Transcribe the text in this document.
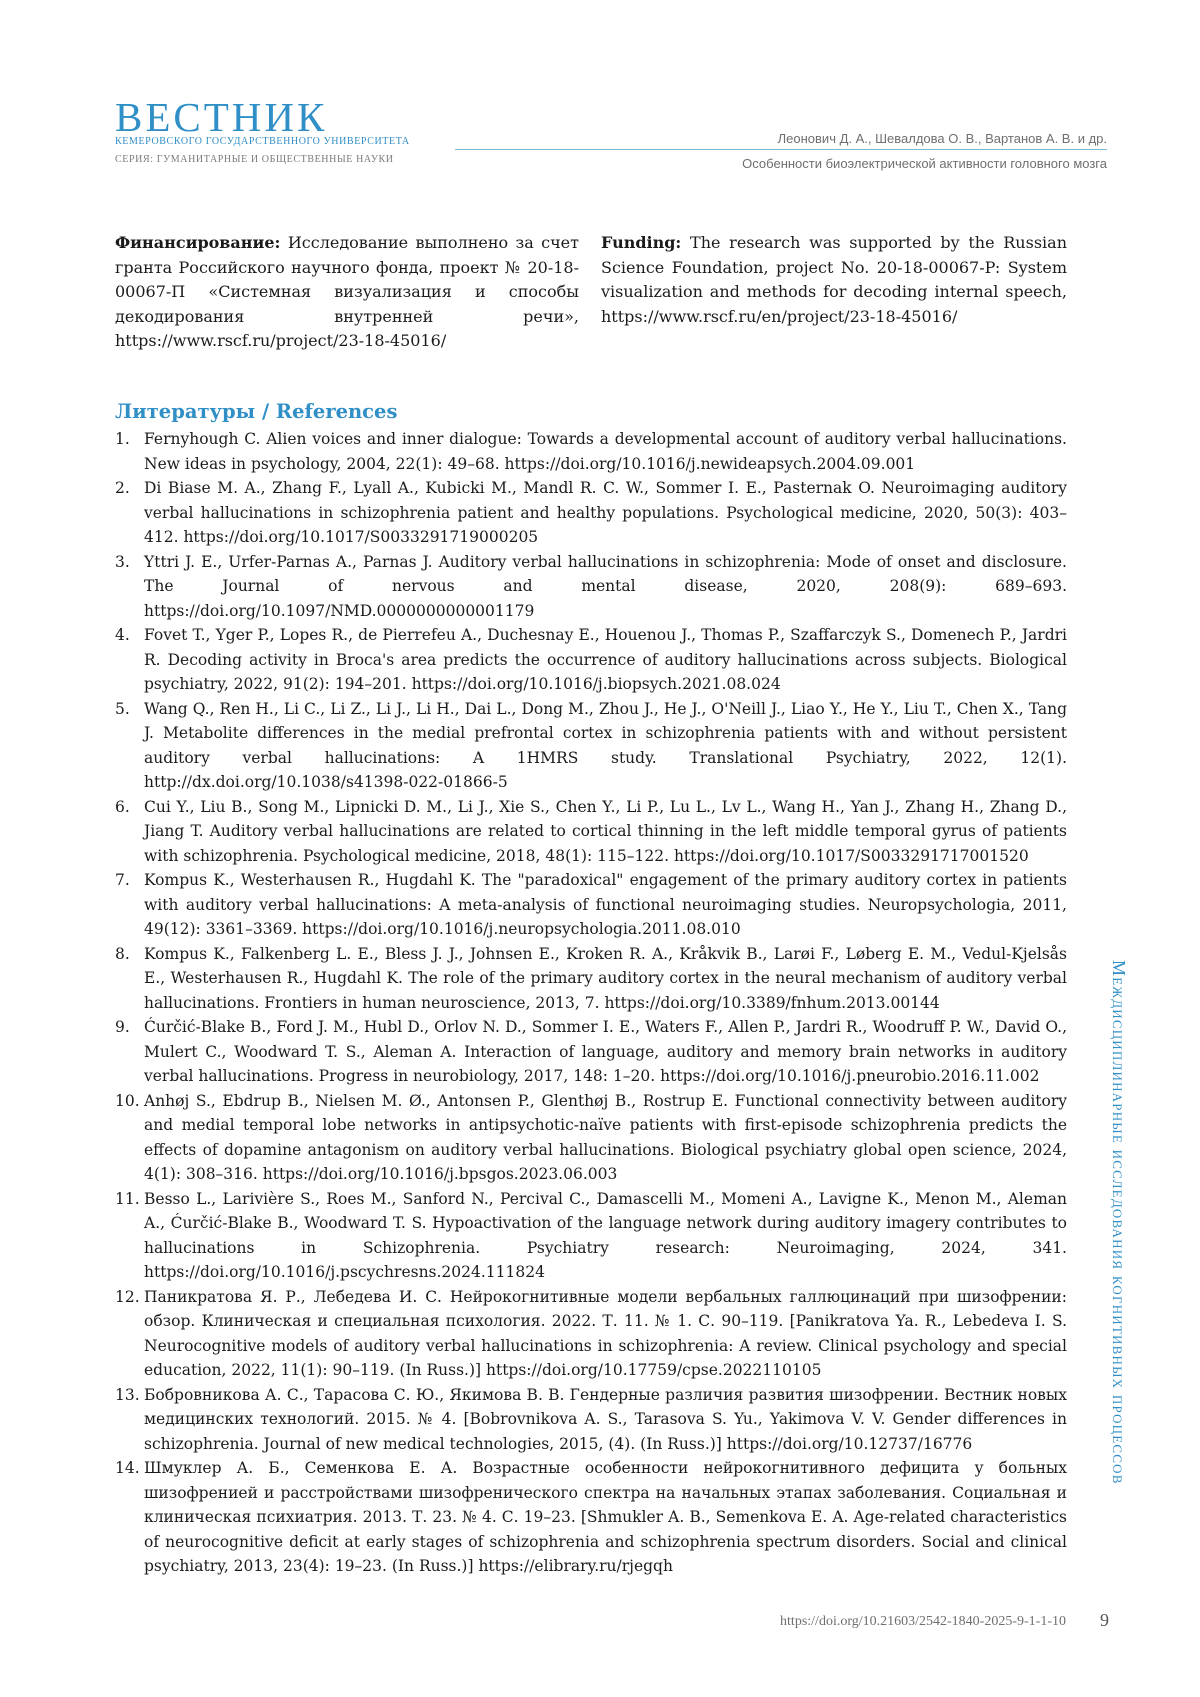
ВЕСТНИК
КЕМЕРОВСКОГО ГОСУДАРСТВЕННОГО УНИВЕРСИТЕТА
СЕРИЯ: ГУМАНИТАРНЫЕ И ОБЩЕСТВЕННЫЕ НАУКИ
Леонович Д. А., Шевалдова О. В., Вартанов А. В. и др.
Особенности биоэлектрической активности головного мозга
Финансирование: Исследование выполнено за счет гранта Российского научного фонда, проект № 20-18-00067-П «Системная визуализация и способы декодирования внутренней речи», https://www.rscf.ru/project/23-18-45016/
Funding: The research was supported by the Russian Science Foundation, project No. 20-18-00067-P: System visualization and methods for decoding internal speech, https://www.rscf.ru/en/project/23-18-45016/
Литературы / References
1. Fernyhough C. Alien voices and inner dialogue: Towards a developmental account of auditory verbal hallucinations. New ideas in psychology, 2004, 22(1): 49–68. https://doi.org/10.1016/j.newideapsych.2004.09.001
2. Di Biase M. A., Zhang F., Lyall A., Kubicki M., Mandl R. C. W., Sommer I. E., Pasternak O. Neuroimaging auditory verbal hallucinations in schizophrenia patient and healthy populations. Psychological medicine, 2020, 50(3): 403–412. https://doi.org/10.1017/S0033291719000205
3. Yttri J. E., Urfer-Parnas A., Parnas J. Auditory verbal hallucinations in schizophrenia: Mode of onset and disclosure. The Journal of nervous and mental disease, 2020, 208(9): 689–693. https://doi.org/10.1097/NMD.0000000000001179
4. Fovet T., Yger P., Lopes R., de Pierrefeu A., Duchesnay E., Houenou J., Thomas P., Szaffarczyk S., Domenech P., Jardri R. Decoding activity in Broca's area predicts the occurrence of auditory hallucinations across subjects. Biological psychiatry, 2022, 91(2): 194–201. https://doi.org/10.1016/j.biopsych.2021.08.024
5. Wang Q., Ren H., Li C., Li Z., Li J., Li H., Dai L., Dong M., Zhou J., He J., O'Neill J., Liao Y., He Y., Liu T., Chen X., Tang J. Metabolite differences in the medial prefrontal cortex in schizophrenia patients with and without persistent auditory verbal hallucinations: A 1HMRS study. Translational Psychiatry, 2022, 12(1). http://dx.doi.org/10.1038/s41398-022-01866-5
6. Cui Y., Liu B., Song M., Lipnicki D. M., Li J., Xie S., Chen Y., Li P., Lu L., Lv L., Wang H., Yan J., Zhang H., Zhang D., Jiang T. Auditory verbal hallucinations are related to cortical thinning in the left middle temporal gyrus of patients with schizophrenia. Psychological medicine, 2018, 48(1): 115–122. https://doi.org/10.1017/S0033291717001520
7. Kompus K., Westerhausen R., Hugdahl K. The "paradoxical" engagement of the primary auditory cortex in patients with auditory verbal hallucinations: A meta-analysis of functional neuroimaging studies. Neuropsychologia, 2011, 49(12): 3361–3369. https://doi.org/10.1016/j.neuropsychologia.2011.08.010
8. Kompus K., Falkenberg L. E., Bless J. J., Johnsen E., Kroken R. A., Kråkvik B., Larøi F., Løberg E. M., Vedul-Kjelsås E., Westerhausen R., Hugdahl K. The role of the primary auditory cortex in the neural mechanism of auditory verbal hallucinations. Frontiers in human neuroscience, 2013, 7. https://doi.org/10.3389/fnhum.2013.00144
9. Ćurčić-Blake B., Ford J. M., Hubl D., Orlov N. D., Sommer I. E., Waters F., Allen P., Jardri R., Woodruff P. W., David O., Mulert C., Woodward T. S., Aleman A. Interaction of language, auditory and memory brain networks in auditory verbal hallucinations. Progress in neurobiology, 2017, 148: 1–20. https://doi.org/10.1016/j.pneurobio.2016.11.002
10. Anhøj S., Ebdrup B., Nielsen M. Ø., Antonsen P., Glenthøj B., Rostrup E. Functional connectivity between auditory and medial temporal lobe networks in antipsychotic-naïve patients with first-episode schizophrenia predicts the effects of dopamine antagonism on auditory verbal hallucinations. Biological psychiatry global open science, 2024, 4(1): 308–316. https://doi.org/10.1016/j.bpsgos.2023.06.003
11. Besso L., Larivière S., Roes M., Sanford N., Percival C., Damascelli M., Momeni A., Lavigne K., Menon M., Aleman A., Ćurčić-Blake B., Woodward T. S. Hypoactivation of the language network during auditory imagery contributes to hallucinations in Schizophrenia. Psychiatry research: Neuroimaging, 2024, 341. https://doi.org/10.1016/j.pscychresns.2024.111824
12. Паникратова Я. Р., Лебедева И. С. Нейрокогнитивные модели вербальных галлюцинаций при шизофрении: обзор. Клиническая и специальная психология. 2022. Т. 11. № 1. С. 90–119. [Panikratova Ya. R., Lebedeva I. S. Neurocognitive models of auditory verbal hallucinations in schizophrenia: A review. Clinical psychology and special education, 2022, 11(1): 90–119. (In Russ.)] https://doi.org/10.17759/cpse.2022110105
13. Бобровникова А. С., Тарасова С. Ю., Якимова В. В. Гендерные различия развития шизофрении. Вестник новых медицинских технологий. 2015. № 4. [Bobrovnikova A. S., Tarasova S. Yu., Yakimova V. V. Gender differences in schizophrenia. Journal of new medical technologies, 2015, (4). (In Russ.)] https://doi.org/10.12737/16776
14. Шмуклер А. Б., Семенкова Е. А. Возрастные особенности нейрокогнитивного дефицита у больных шизофренией и расстройствами шизофренического спектра на начальных этапах заболевания. Социальная и клиническая психиатрия. 2013. Т. 23. № 4. С. 19–23. [Shmukler A. B., Semenkova E. A. Age-related characteristics of neurocognitive deficit at early stages of schizophrenia and schizophrenia spectrum disorders. Social and clinical psychiatry, 2013, 23(4): 19–23. (In Russ.)] https://elibrary.ru/rjegqh
Междисциплинарные исследования когнитивных процессов
https://doi.org/10.21603/2542-1840-2025-9-1-1-10 9
